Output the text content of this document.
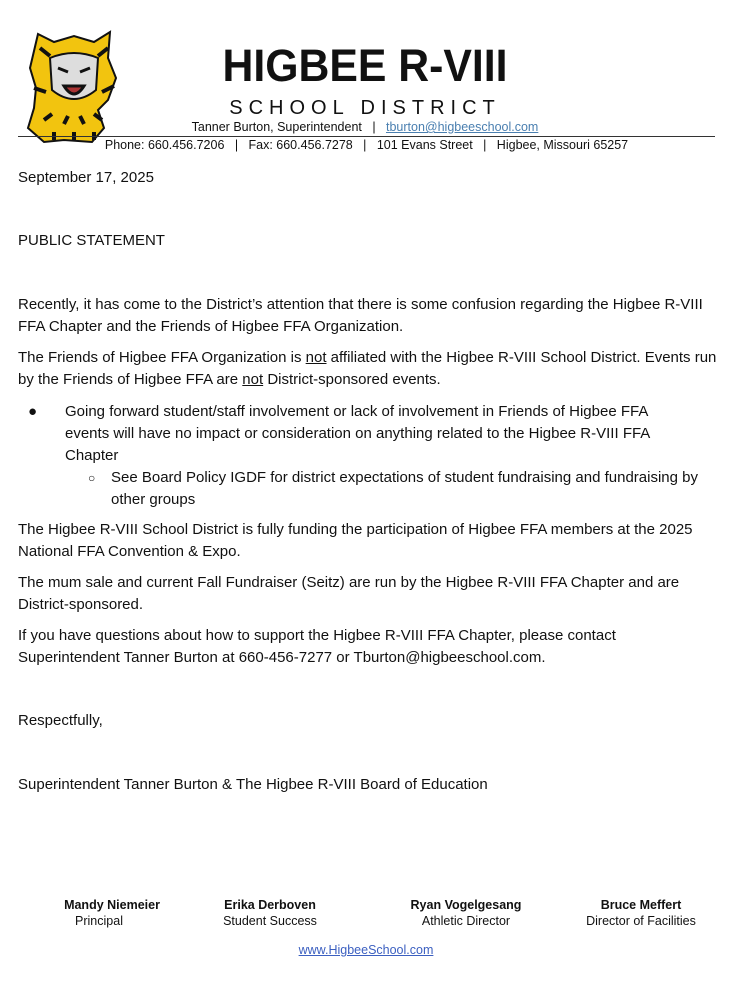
HIGBEE R-VIII
SCHOOL DISTRICT
Tanner Burton, Superintendent | tburton@higbeeschool.com
Phone: 660.456.7206   |   Fax: 660.456.7278   |   101 Evans Street   |   Higbee, Missouri 65257
September 17, 2025
PUBLIC STATEMENT
Recently, it has come to the District’s attention that there is some confusion regarding the Higbee R-VIII FFA Chapter and the Friends of Higbee FFA Organization.
The Friends of Higbee FFA Organization is not affiliated with the Higbee R-VIII School District. Events run by the Friends of Higbee FFA are not District-sponsored events.
● Going forward student/staff involvement or lack of involvement in Friends of Higbee FFA events will have no impact or consideration on anything related to the Higbee R-VIII FFA Chapter
○ See Board Policy IGDF for district expectations of student fundraising and fundraising by other groups
The Higbee R-VIII School District is fully funding the participation of Higbee FFA members at the 2025 National FFA Convention & Expo.
The mum sale and current Fall Fundraiser (Seitz) are run by the Higbee R-VIII FFA Chapter and are District-sponsored.
If you have questions about how to support the Higbee R-VIII FFA Chapter, please contact Superintendent Tanner Burton at 660-456-7277 or Tburton@higbeeschool.com.
Respectfully,
Superintendent Tanner Burton & The Higbee R-VIII Board of Education
Mandy Niemeier
Principal
Erika Derboven
Student Success
Ryan Vogelgesang
Athletic Director
Bruce Meffert
Director of Facilities
www.HigbeeSchool.com
